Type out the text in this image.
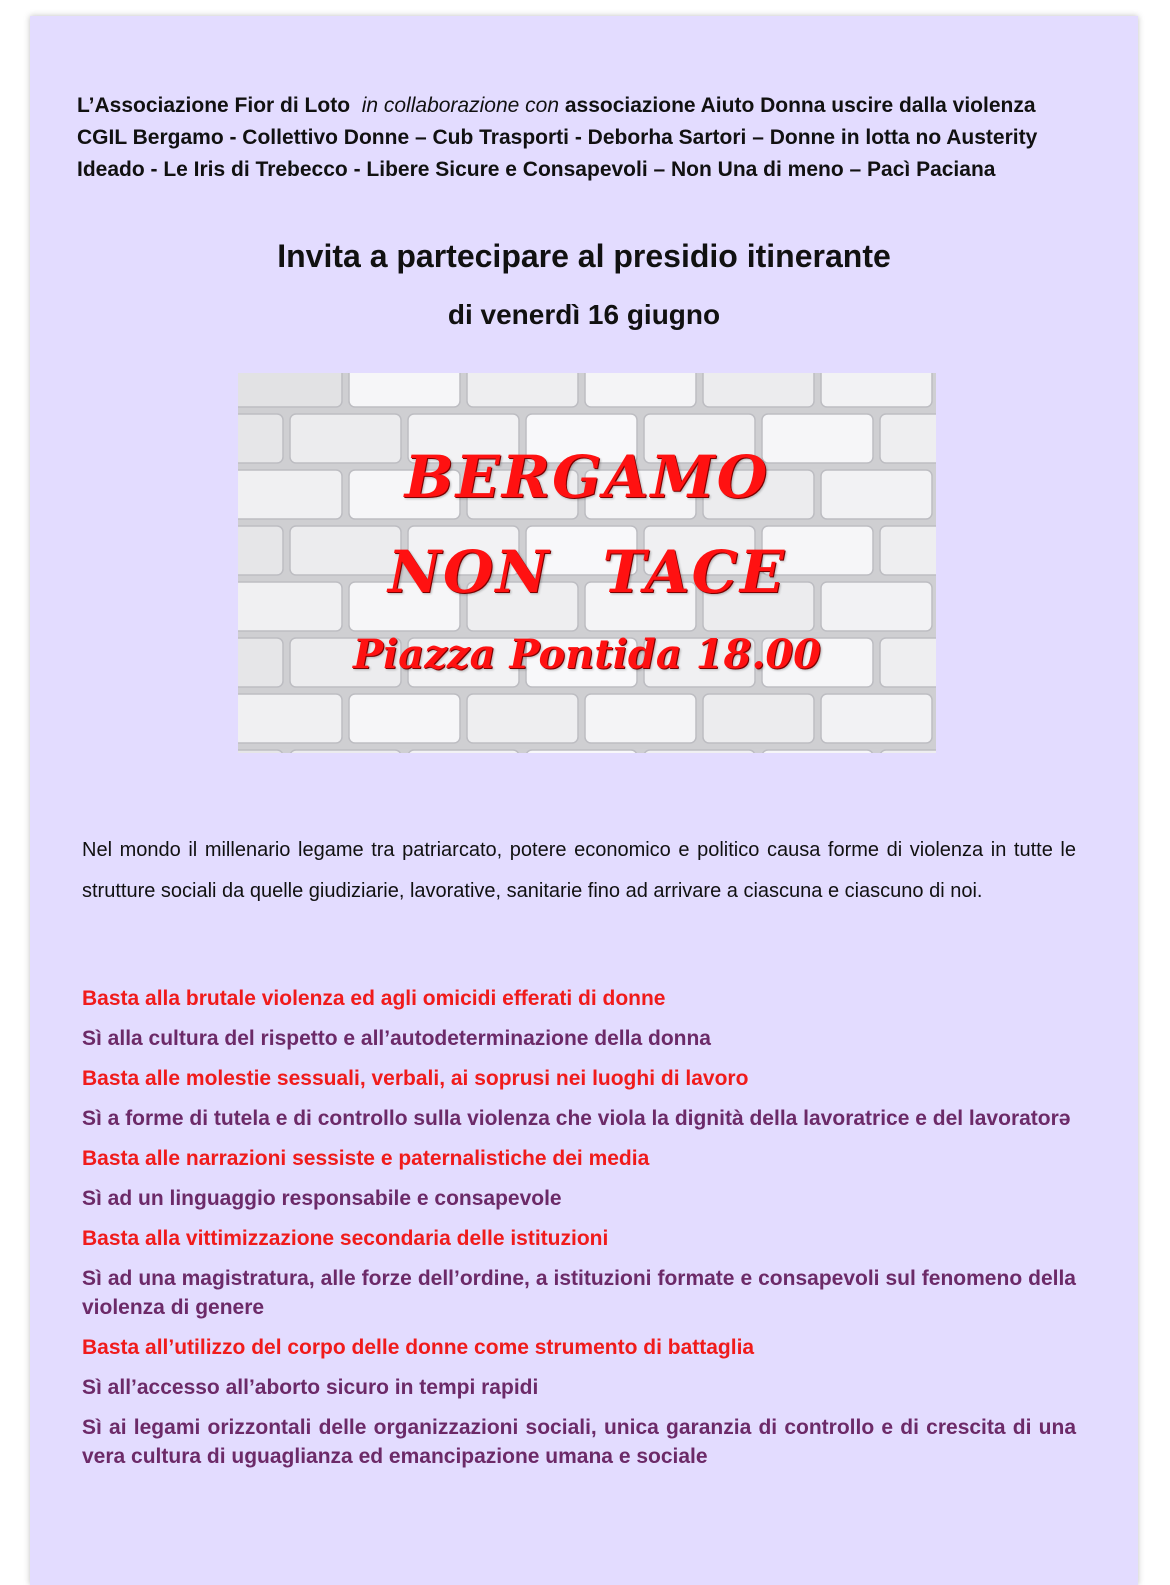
L’Associazione Fior di Loto in collaborazione con associazione Aiuto Donna uscire dalla violenza
CGIL Bergamo - Collettivo Donne – Cub Trasporti - Deborha Sartori – Donne in lotta no Austerity
Ideado - Le Iris di Trebecco - Libere Sicure e Consapevoli – Non Una di meno – Pacì Paciana
Invita a partecipare al presidio itinerante
di venerdì 16 giugno
BERGAMO
NON TACE
Piazza Pontida 18.00
Nel mondo il millenario legame tra patriarcato, potere economico e politico causa forme di violenza in tutte le strutture sociali da quelle giudiziarie, lavorative, sanitarie fino ad arrivare a ciascuna e ciascuno di noi.
Basta alla brutale violenza ed agli omicidi efferati di donne
Sì alla cultura del rispetto e all’autodeterminazione della donna
Basta alle molestie sessuali, verbali, ai soprusi nei luoghi di lavoro
Sì a forme di tutela e di controllo sulla violenza che viola la dignità della lavoratrice e del lavoratorə
Basta alle narrazioni sessiste e paternalistiche dei media
Sì ad un linguaggio responsabile e consapevole
Basta alla vittimizzazione secondaria delle istituzioni
Sì ad una magistratura, alle forze dell’ordine, a istituzioni formate e consapevoli sul fenomeno della violenza di genere
Basta all’utilizzo del corpo delle donne come strumento di battaglia
Sì all’accesso all’aborto sicuro in tempi rapidi
Sì ai legami orizzontali delle organizzazioni sociali, unica garanzia di controllo e di crescita di una vera cultura di uguaglianza ed emancipazione umana e sociale
